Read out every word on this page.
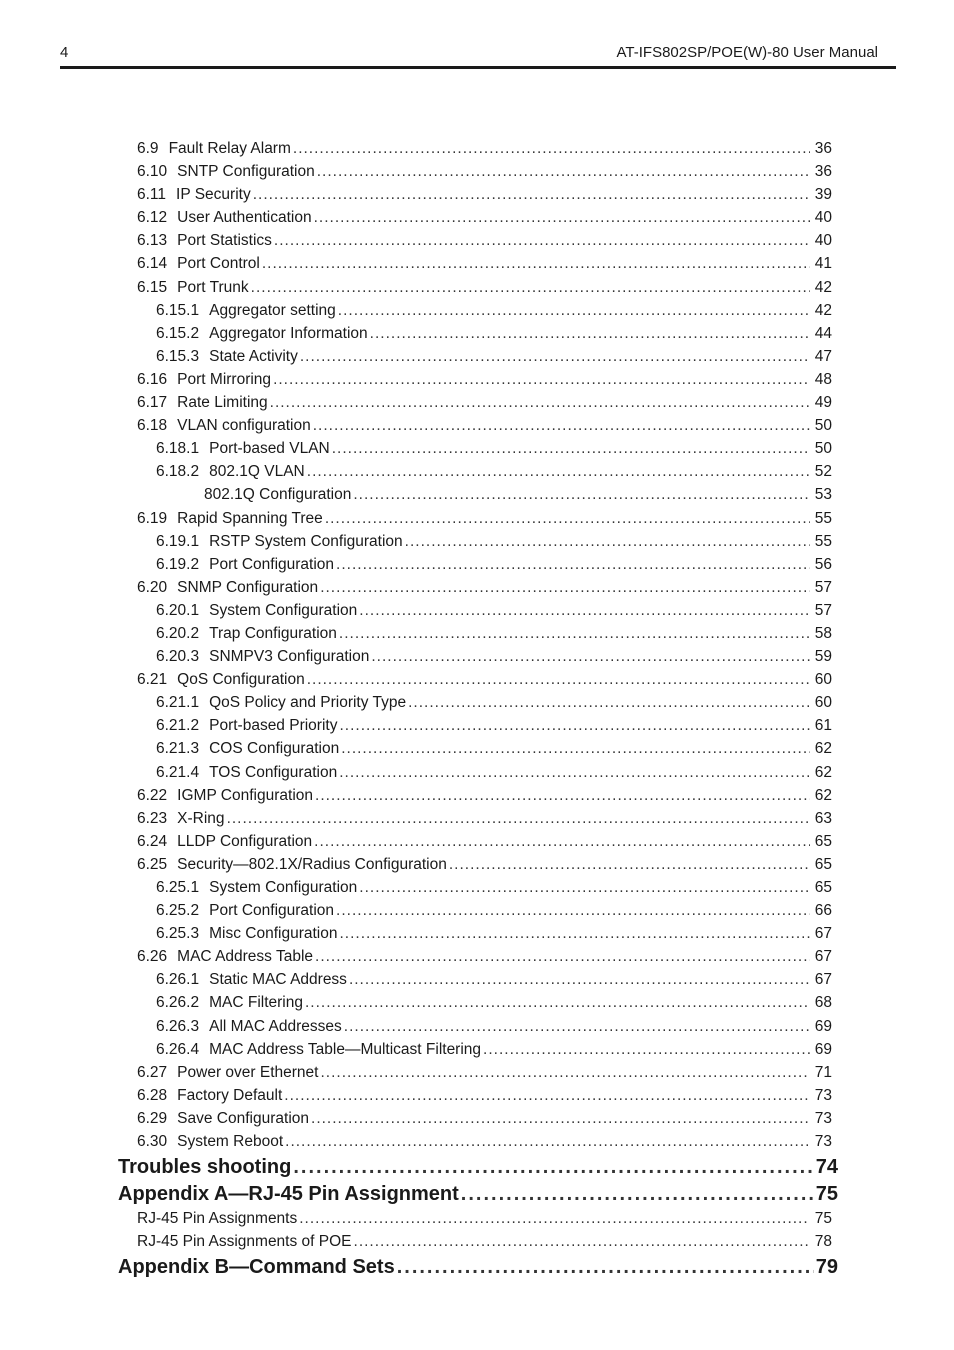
4	AT-IFS802SP/POE(W)-80 User Manual
6.9 Fault Relay Alarm .....	36
6.10 SNTP Configuration .....	36
6.11 IP Security .....	39
6.12 User Authentication .....	40
6.13 Port Statistics .....	40
6.14 Port Control .....	41
6.15 Port Trunk .....	42
6.15.1 Aggregator setting .....	42
6.15.2 Aggregator Information .....	44
6.15.3 State Activity .....	47
6.16 Port Mirroring .....	48
6.17 Rate Limiting .....	49
6.18 VLAN configuration .....	50
6.18.1 Port-based VLAN .....	50
6.18.2 802.1Q VLAN .....	52
802.1Q Configuration .....	53
6.19 Rapid Spanning Tree .....	55
6.19.1 RSTP System Configuration .....	55
6.19.2 Port Configuration .....	56
6.20 SNMP Configuration .....	57
6.20.1 System Configuration .....	57
6.20.2 Trap Configuration .....	58
6.20.3 SNMPV3 Configuration .....	59
6.21 QoS Configuration .....	60
6.21.1 QoS Policy and Priority Type .....	60
6.21.2 Port-based Priority .....	61
6.21.3 COS Configuration .....	62
6.21.4 TOS Configuration .....	62
6.22 IGMP Configuration .....	62
6.23 X-Ring .....	63
6.24 LLDP Configuration .....	65
6.25 Security—802.1X/Radius Configuration .....	65
6.25.1 System Configuration .....	65
6.25.2 Port Configuration .....	66
6.25.3 Misc Configuration .....	67
6.26 MAC Address Table .....	67
6.26.1 Static MAC Address .....	67
6.26.2 MAC Filtering .....	68
6.26.3 All MAC Addresses .....	69
6.26.4 MAC Address Table—Multicast Filtering .....	69
6.27 Power over Ethernet .....	71
6.28 Factory Default .....	73
6.29 Save Configuration .....	73
6.30 System Reboot .....	73
Troubles shooting .....	74
Appendix A—RJ-45 Pin Assignment .....	75
RJ-45 Pin Assignments .....	75
RJ-45 Pin Assignments of POE .....	78
Appendix B—Command Sets .....	79
